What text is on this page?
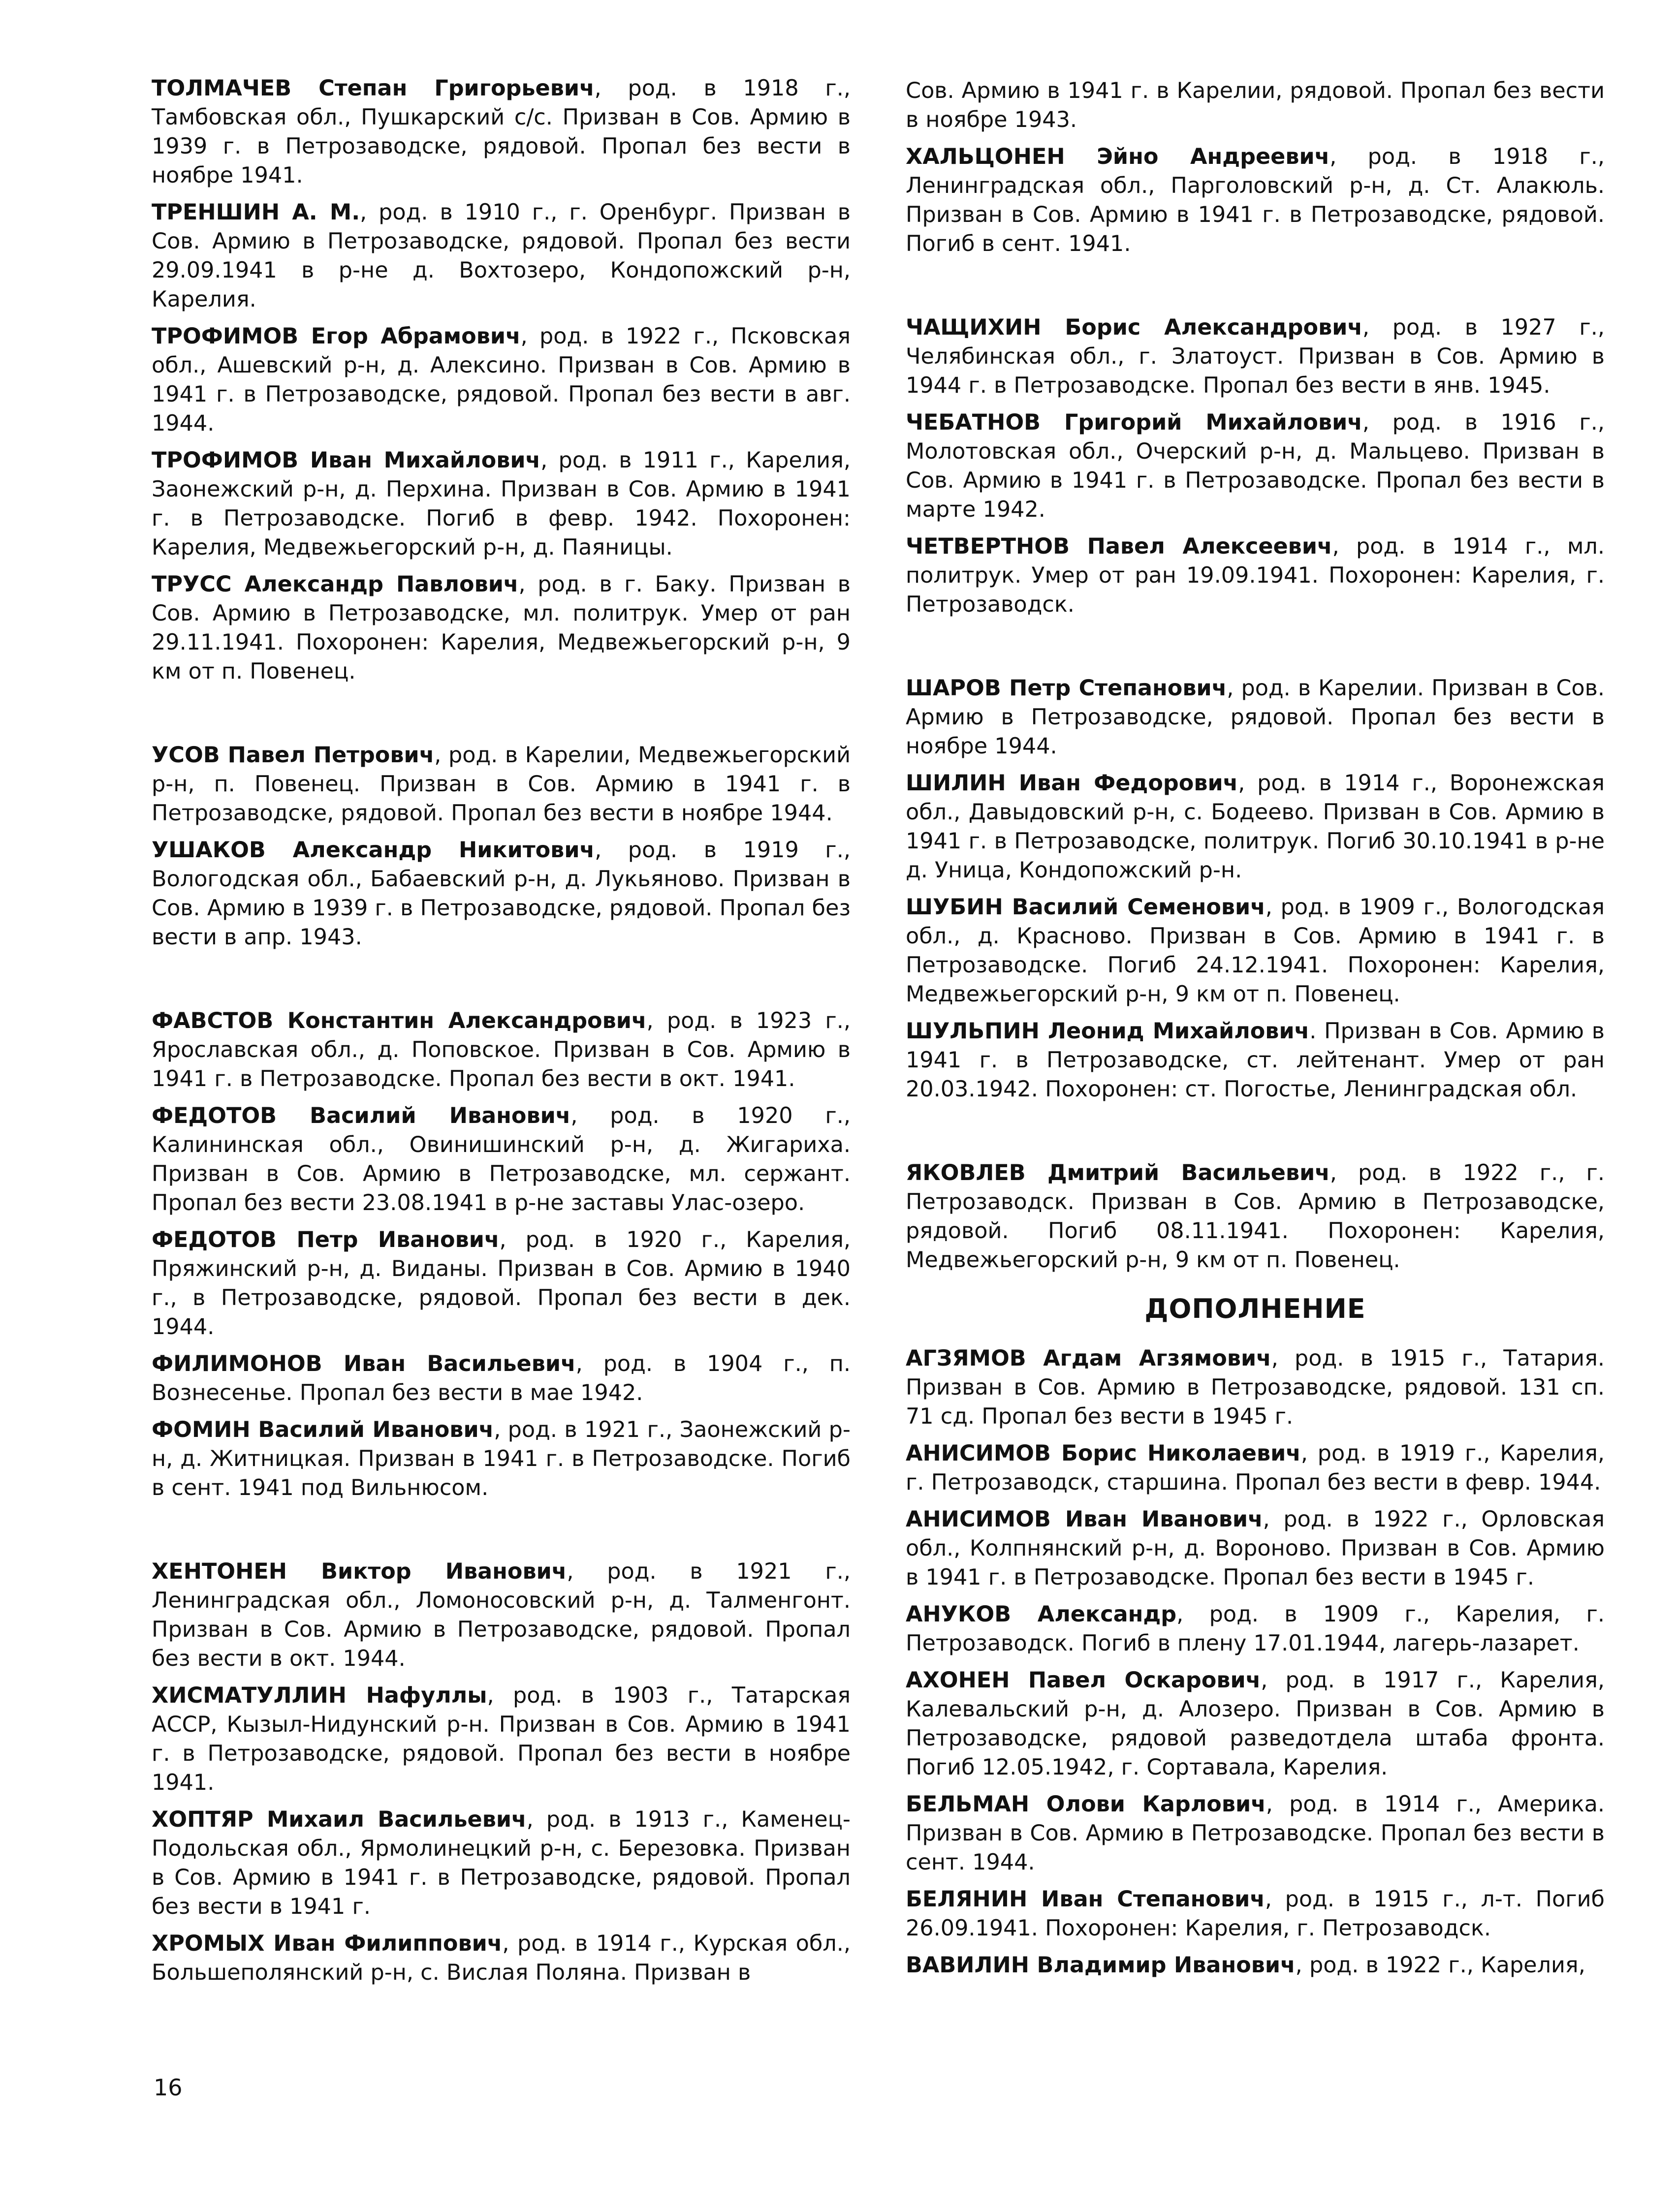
ТОЛМАЧЕВ Степан Григорьевич, род. в 1918 г., Тамбовская обл., Пушкарский с/с. Призван в Сов. Армию в 1939 г. в Петрозаводске, рядовой. Пропал без вести в ноябре 1941.

ТРЕНШИН А. М., род. в 1910 г., г. Оренбург. Призван в Сов. Армию в Петрозаводске, рядовой. Пропал без вести 29.09.1941 в р-не д. Вохтозеро, Кондопожский р-н, Карелия.

ТРОФИМОВ Егор Абрамович, род. в 1922 г., Псковская обл., Ашевский р-н, д. Алексино. Призван в Сов. Армию в 1941 г. в Петрозаводске, рядовой. Пропал без вести в авг. 1944.

ТРОФИМОВ Иван Михайлович, род. в 1911 г., Карелия, Заонежский р-н, д. Перхина. Призван в Сов. Армию в 1941 г. в Петрозаводске. Погиб в февр. 1942. Похоронен: Карелия, Медвежьегорский р-н, д. Паяницы.

ТРУСС Александр Павлович, род. в г. Баку. Призван в Сов. Армию в Петрозаводске, мл. политрук. Умер от ран 29.11.1941. Похоронен: Карелия, Медвежьегорский р-н, 9 км от п. Повенец.

УСОВ Павел Петрович, род. в Карелии, Медвежьегорский р-н, п. Повенец. Призван в Сов. Армию в 1941 г. в Петрозаводске, рядовой. Пропал без вести в ноябре 1944.

УШАКОВ Александр Никитович, род. в 1919 г., Вологодская обл., Бабаевский р-н, д. Лукьяново. Призван в Сов. Армию в 1939 г. в Петрозаводске, рядовой. Пропал без вести в апр. 1943.

ФАВСТОВ Константин Александрович, род. в 1923 г., Ярославская обл., д. Поповское. Призван в Сов. Армию в 1941 г. в Петрозаводске. Пропал без вести в окт. 1941.

ФЕДОТОВ Василий Иванович, род. в 1920 г., Калининская обл., Овинишинский р-н, д. Жигариха. Призван в Сов. Армию в Петрозаводске, мл. сержант. Пропал без вести 23.08.1941 в р-не заставы Улас-озеро.

ФЕДОТОВ Петр Иванович, род. в 1920 г., Карелия, Пряжинский р-н, д. Виданы. Призван в Сов. Армию в 1940 г., в Петрозаводске, рядовой. Пропал без вести в дек. 1944.

ФИЛИМОНОВ Иван Васильевич, род. в 1904 г., п. Вознесенье. Пропал без вести в мае 1942.

ФОМИН Василий Иванович, род. в 1921 г., Заонежский р-н, д. Житницкая. Призван в 1941 г. в Петрозаводске. Погиб в сент. 1941 под Вильнюсом.

ХЕНТОНЕН Виктор Иванович, род. в 1921 г., Ленинградская обл., Ломоносовский р-н, д. Талменгонт. Призван в Сов. Армию в Петрозаводске, рядовой. Пропал без вести в окт. 1944.

ХИСМАТУЛЛИН Нафуллы, род. в 1903 г., Татарская АССР, Кызыл-Нидунский р-н. Призван в Сов. Армию в 1941 г. в Петрозаводске, рядовой. Пропал без вести в ноябре 1941.

ХОПТЯР Михаил Васильевич, род. в 1913 г., Каменец-Подольская обл., Ярмолинецкий р-н, с. Березовка. Призван в Сов. Армию в 1941 г. в Петрозаводске, рядовой. Пропал без вести в 1941 г.

ХРОМЫХ Иван Филиппович, род. в 1914 г., Курская обл., Большеполянский р-н, с. Вислая Поляна. Призван в

Сов. Армию в 1941 г. в Карелии, рядовой. Пропал без вести в ноябре 1943.

ХАЛЬЦОНЕН Эйно Андреевич, род. в 1918 г., Ленинградская обл., Парголовский р-н, д. Ст. Алакюль. Призван в Сов. Армию в 1941 г. в Петрозаводске, рядовой. Погиб в сент. 1941.

ЧАЩИХИН Борис Александрович, род. в 1927 г., Челябинская обл., г. Златоуст. Призван в Сов. Армию в 1944 г. в Петрозаводске. Пропал без вести в янв. 1945.

ЧЕБАТНОВ Григорий Михайлович, род. в 1916 г., Молотовская обл., Очерский р-н, д. Мальцево. Призван в Сов. Армию в 1941 г. в Петрозаводске. Пропал без вести в марте 1942.

ЧЕТВЕРТНОВ Павел Алексеевич, род. в 1914 г., мл. политрук. Умер от ран 19.09.1941. Похоронен: Карелия, г. Петрозаводск.

ШАРОВ Петр Степанович, род. в Карелии. Призван в Сов. Армию в Петрозаводске, рядовой. Пропал без вести в ноябре 1944.

ШИЛИН Иван Федорович, род. в 1914 г., Воронежская обл., Давыдовский р-н, с. Бодеево. Призван в Сов. Армию в 1941 г. в Петрозаводске, политрук. Погиб 30.10.1941 в р-не д. Уница, Кондопожский р-н.

ШУБИН Василий Семенович, род. в 1909 г., Вологодская обл., д. Красново. Призван в Сов. Армию в 1941 г. в Петрозаводске. Погиб 24.12.1941. Похоронен: Карелия, Медвежьегорский р-н, 9 км от п. Повенец.

ШУЛЬПИН Леонид Михайлович. Призван в Сов. Армию в 1941 г. в Петрозаводске, ст. лейтенант. Умер от ран 20.03.1942. Похоронен: ст. Погостье, Ленинградская обл.

ЯКОВЛЕВ Дмитрий Васильевич, род. в 1922 г., г. Петрозаводск. Призван в Сов. Армию в Петрозаводске, рядовой. Погиб 08.11.1941. Похоронен: Карелия, Медвежьегорский р-н, 9 км от п. Повенец.

ДОПОЛНЕНИЕ

АГЗЯМОВ Агдам Агзямович, род. в 1915 г., Татария. Призван в Сов. Армию в Петрозаводске, рядовой. 131 сп. 71 сд. Пропал без вести в 1945 г.

АНИСИМОВ Борис Николаевич, род. в 1919 г., Карелия, г. Петрозаводск, старшина. Пропал без вести в февр. 1944.

АНИСИМОВ Иван Иванович, род. в 1922 г., Орловская обл., Колпнянский р-н, д. Вороново. Призван в Сов. Армию в 1941 г. в Петрозаводске. Пропал без вести в 1945 г.

АНУКОВ Александр, род. в 1909 г., Карелия, г. Петрозаводск. Погиб в плену 17.01.1944, лагерь-лазарет.

АХОНЕН Павел Оскарович, род. в 1917 г., Карелия, Калевальский р-н, д. Алозеро. Призван в Сов. Армию в Петрозаводске, рядовой разведотдела штаба фронта. Погиб 12.05.1942, г. Сортавала, Карелия.

БЕЛЬМАН Олови Карлович, род. в 1914 г., Америка. Призван в Сов. Армию в Петрозаводске. Пропал без вести в сент. 1944.

БЕЛЯНИН Иван Степанович, род. в 1915 г., л-т. Погиб 26.09.1941. Похоронен: Карелия, г. Петрозаводск.

ВАВИЛИН Владимир Иванович, род. в 1922 г., Карелия,

16
